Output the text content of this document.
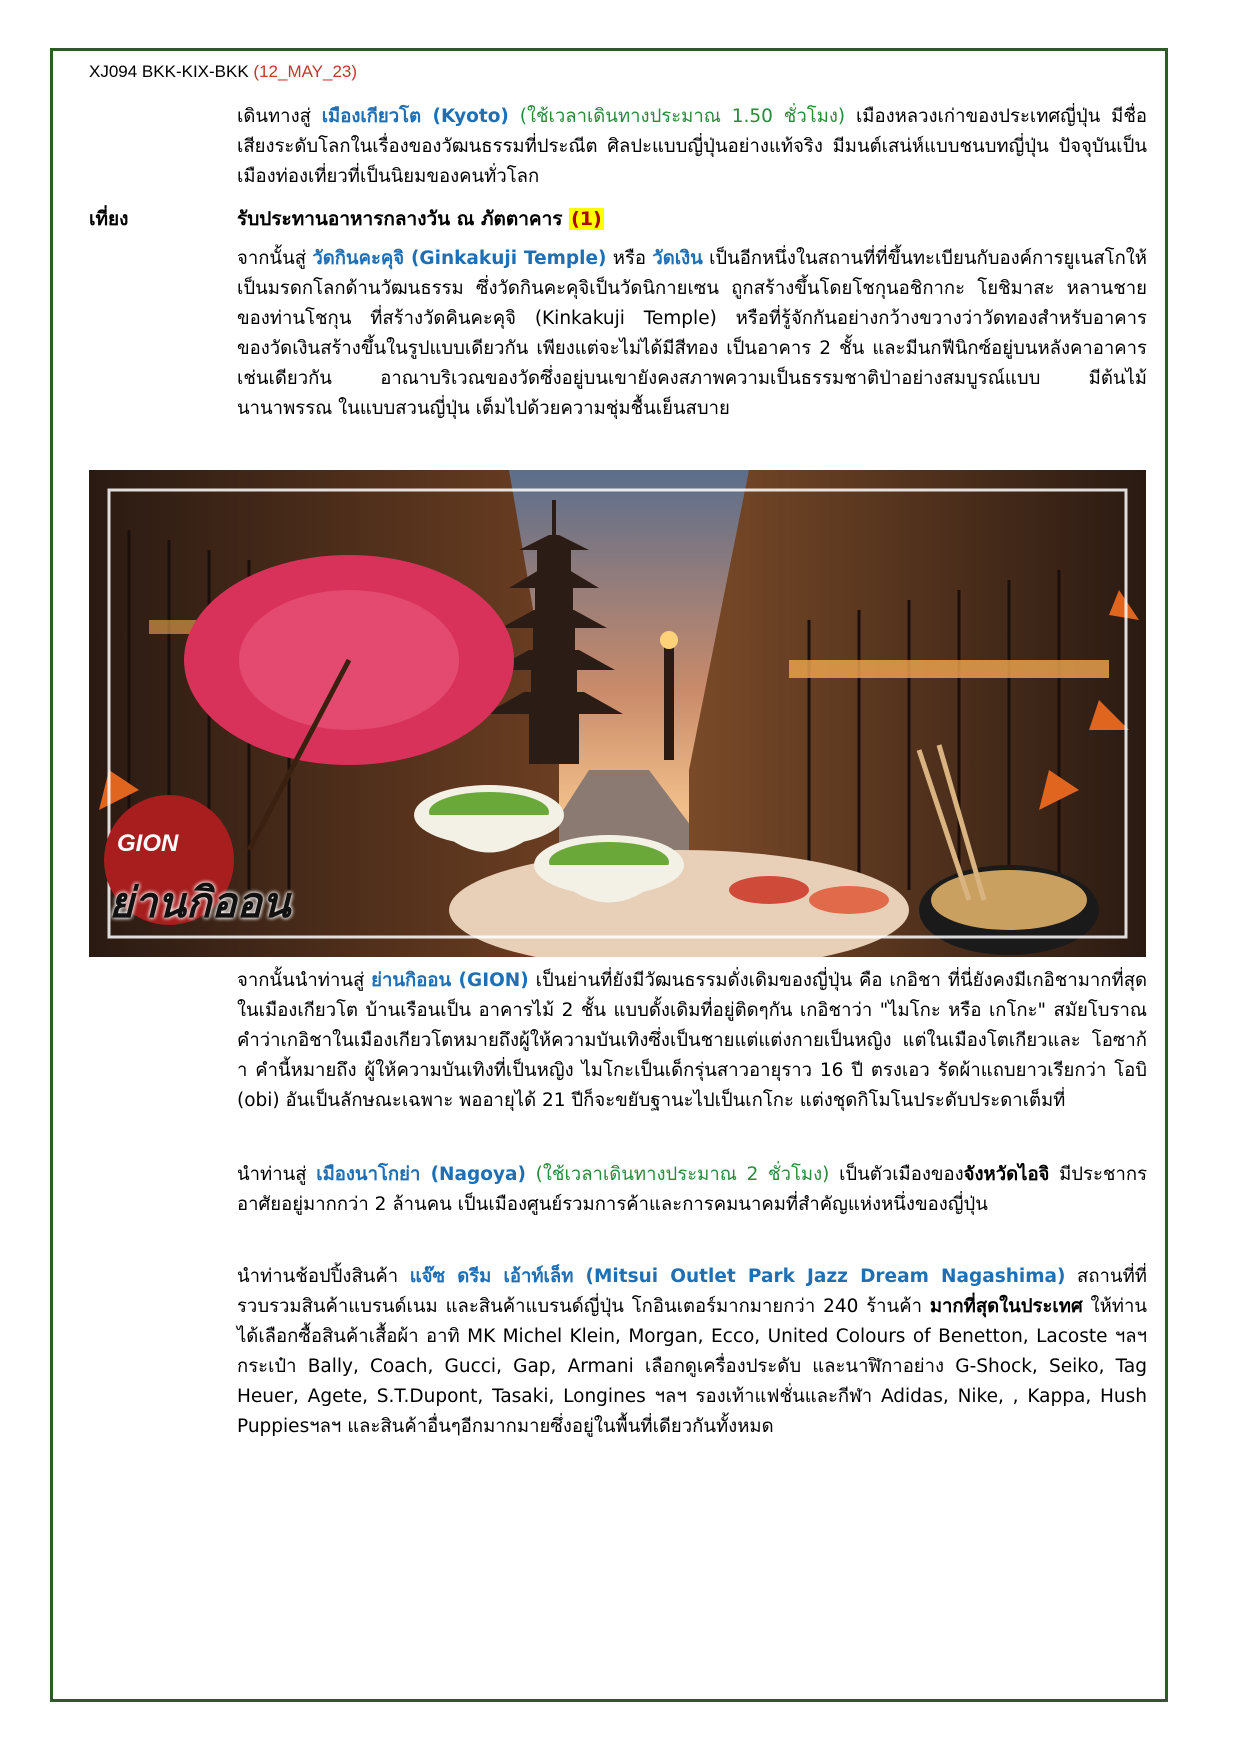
XJ094 BKK-KIX-BKK (12_MAY_23)
เดินทางสู่ เมืองเกียวโต (Kyoto) (ใช้เวลาเดินทางประมาณ 1.50 ชั่วโมง) เมืองหลวงเก่าของประเทศญี่ปุ่น มีชื่อเสียงระดับโลกในเรื่องของวัฒนธรรมที่ประณีต ศิลปะแบบญี่ปุ่นอย่างแท้จริง มีมนต์เสน่ห์แบบชนบทญี่ปุ่น ปัจจุบันเป็นเมืองท่องเที่ยวที่เป็นนิยมของคนทั่วโลก
เที่ยง	รับประทานอาหารกลางวัน ณ ภัตตาคาร (1)
จากนั้นสู่ วัดกินคะคุจิ (Ginkakuji Temple) หรือ วัดเงิน เป็นอีกหนึ่งในสถานที่ที่ขึ้นทะเบียนกับองค์การยูเนสโกให้เป็นมรดกโลกด้านวัฒนธรรม ซึ่งวัดกินคะคุจิเป็นวัดนิกายเซน ถูกสร้างขึ้นโดยโชกุนอชิกากะ โยชิมาสะ หลานชายของท่านโชกุน ที่สร้างวัดคินคะคุจิ (Kinkakuji Temple) หรือที่รู้จักกันอย่างกว้างขวางว่าวัดทองสำหรับอาคารของวัดเงินสร้างขึ้นในรูปแบบเดียวกัน เพียงแต่จะไม่ได้มีสีทอง เป็นอาคาร 2 ชั้น และมีนกฟีนิกซ์อยู่บนหลังคาอาคารเช่นเดียวกัน อาณาบริเวณของวัดซึ่งอยู่บนเขายังคงสภาพความเป็นธรรมชาติป่าอย่างสมบูรณ์แบบ มีต้นไม้นานาพรรณ ในแบบสวนญี่ปุ่น เต็มไปด้วยความชุ่มชื้นเย็นสบาย
GION
ย่านกิออน
จากนั้นนำท่านสู่ ย่านกิออน (GION) เป็นย่านที่ยังมีวัฒนธรรมดั่งเดิมของญี่ปุ่น คือ เกอิชา ที่นี่ยังคงมีเกอิชามากที่สุดในเมืองเกียวโต บ้านเรือนเป็น อาคารไม้ 2 ชั้น แบบดั้งเดิมที่อยู่ติดๆกัน เกอิชาว่า "ไมโกะ หรือ เกโกะ" สมัยโบราณคำว่าเกอิชาในเมืองเกียวโตหมายถึงผู้ให้ความบันเทิงซึ่งเป็นชายแต่แต่งกายเป็นหญิง แต่ในเมืองโตเกียวและ โอซาก้า คำนี้หมายถึง ผู้ให้ความบันเทิงที่เป็นหญิง ไมโกะเป็นเด็กรุ่นสาวอายุราว 16 ปี ตรงเอว รัดผ้าแถบยาวเรียกว่า โอบิ (obi) อันเป็นลักษณะเฉพาะ พออายุได้ 21 ปีก็จะขยับฐานะไปเป็นเกโกะ แต่งชุดกิโมโนประดับประดาเต็มที่
นำท่านสู่ เมืองนาโกย่า (Nagoya) (ใช้เวลาเดินทางประมาณ 2 ชั่วโมง) เป็นตัวเมืองของจังหวัดไอจิ มีประชากรอาศัยอยู่มากกว่า 2 ล้านคน เป็นเมืองศูนย์รวมการค้าและการคมนาคมที่สำคัญแห่งหนึ่งของญี่ปุ่น
นำท่านช้อปปิ้งสินค้า แจ๊ซ ดรีม เอ้าท์เล็ท (Mitsui Outlet Park Jazz Dream Nagashima) สถานที่ที่รวบรวมสินค้าแบรนด์เนม และสินค้าแบรนด์ญี่ปุ่น โกอินเตอร์มากมายกว่า 240 ร้านค้า มากที่สุดในประเทศ ให้ท่านได้เลือกซื้อสินค้าเสื้อผ้า อาทิ MK Michel Klein, Morgan, Ecco, United Colours of Benetton, Lacoste ฯลฯ กระเป๋า Bally, Coach, Gucci, Gap, Armani เลือกดูเครื่องประดับ และนาฬิกาอย่าง G-Shock, Seiko, Tag Heuer, Agete, S.T.Dupont, Tasaki, Longines ฯลฯ รองเท้าแฟชั่นและกีฬา Adidas, Nike, , Kappa, Hush Puppiesฯลฯ และสินค้าอื่นๆอีกมากมายซึ่งอยู่ในพื้นที่เดียวกันทั้งหมด
